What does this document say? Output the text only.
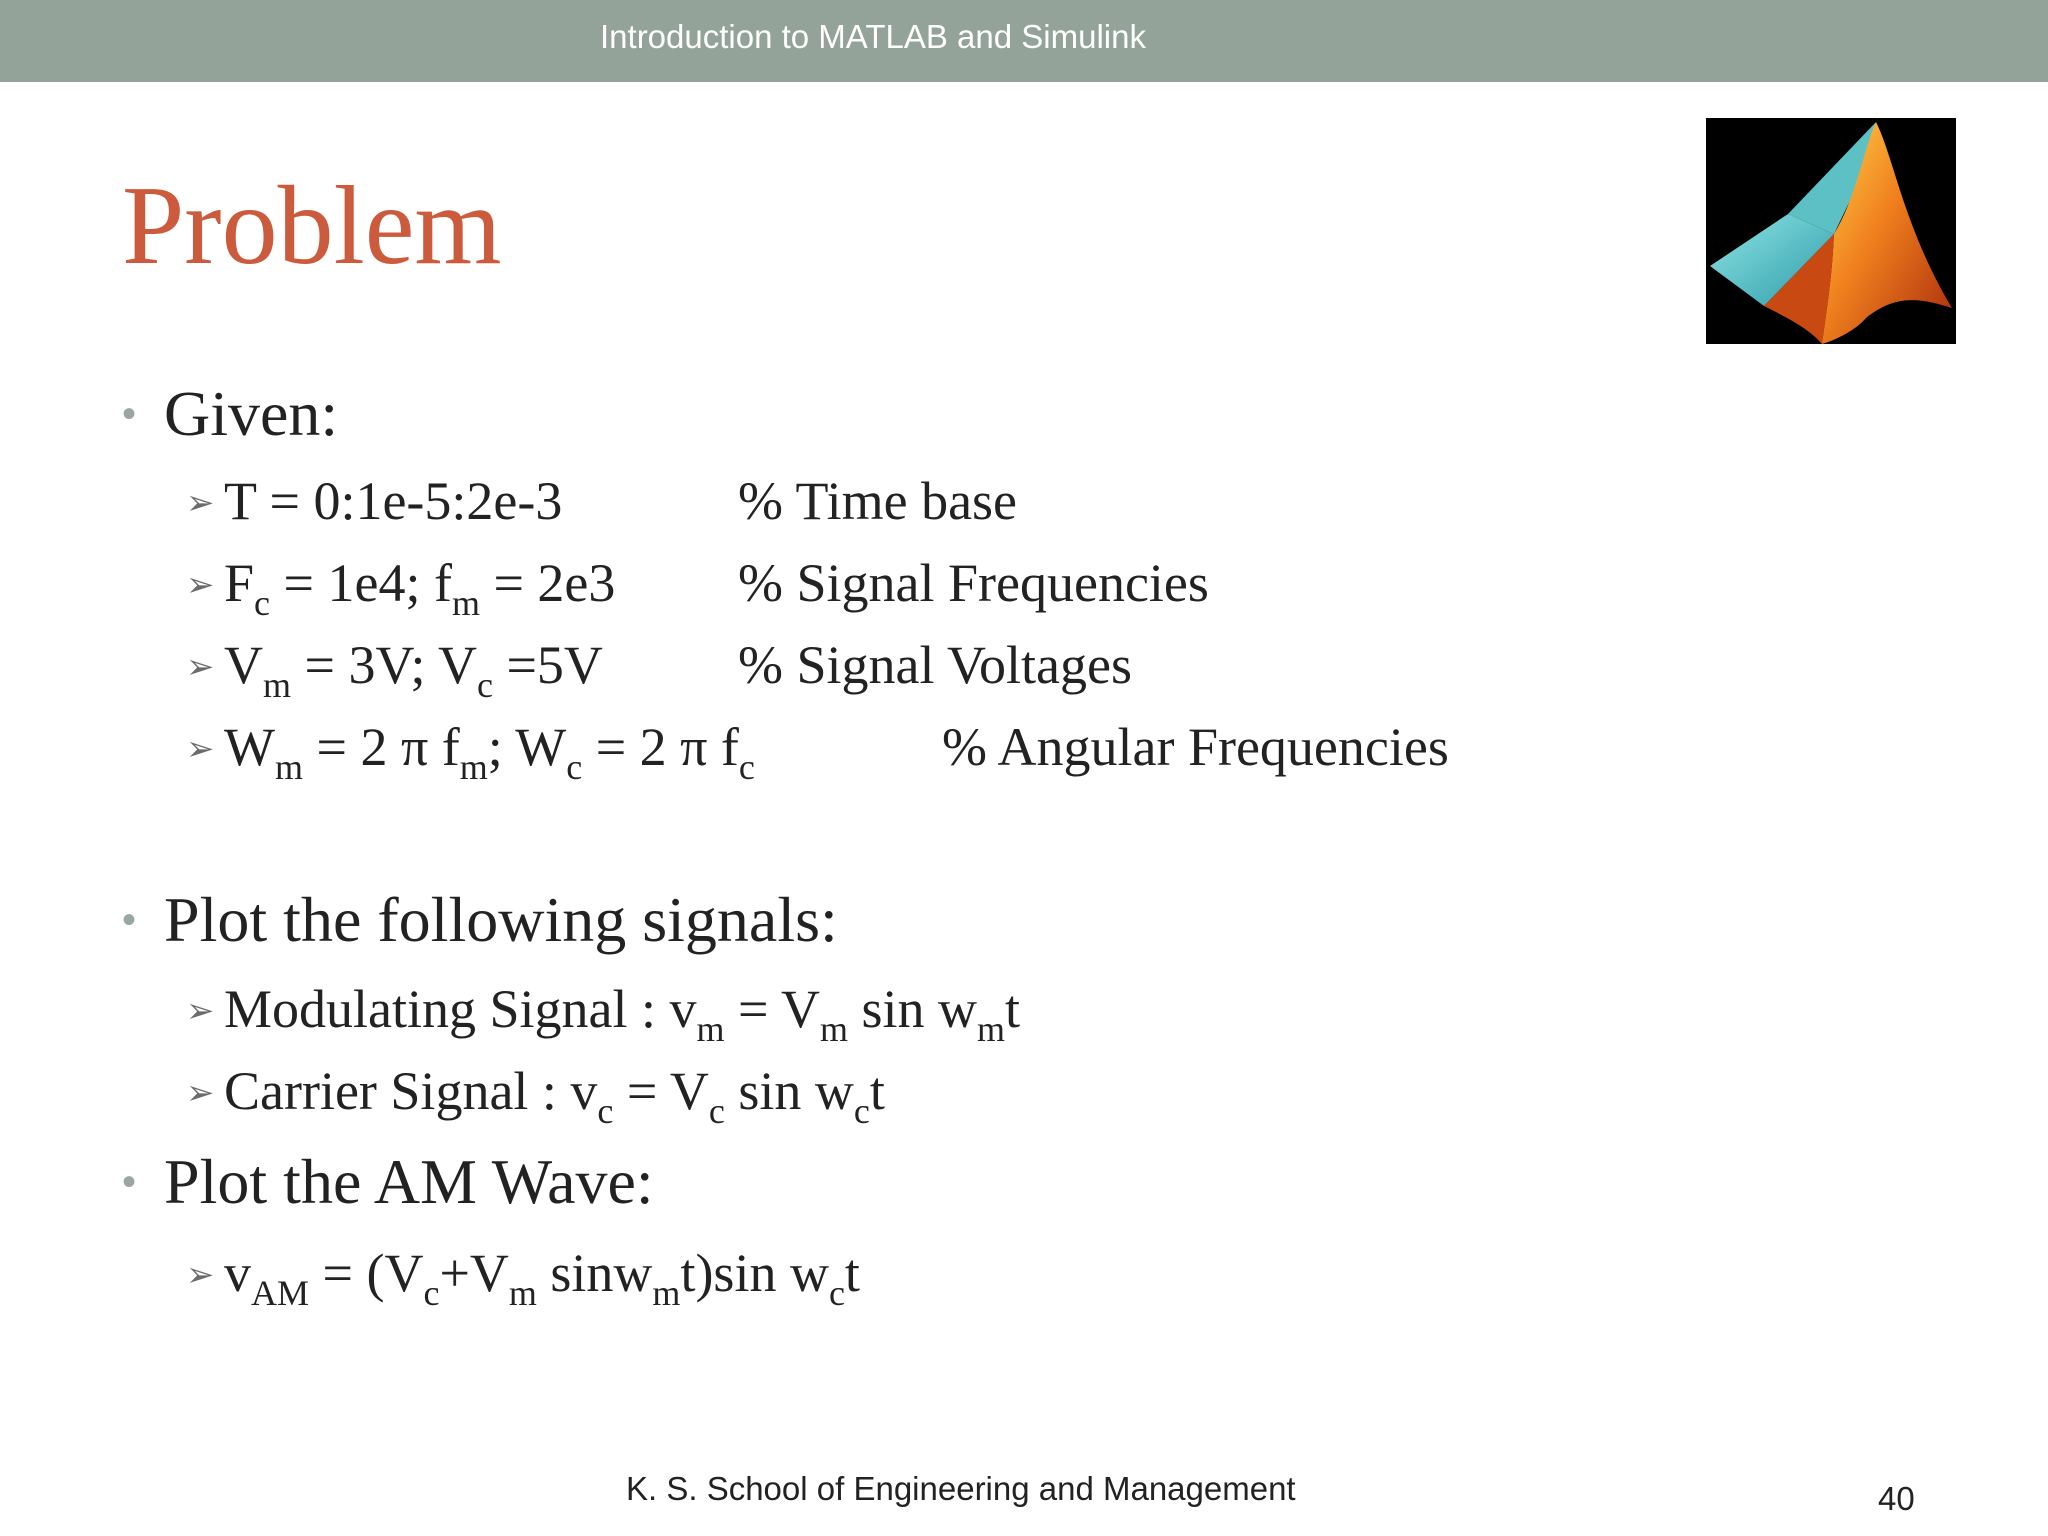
Introduction to MATLAB and Simulink
Problem
• Given:
➢ T = 0:1e-5:2e-3	% Time base
➢ $F_c = 1e4$; $f_m = 2e3$ % Signal Frequencies
➢ $V_m = 3V$; $V_c =5V$	% Signal Voltages
➢ $W_m = 2$ π $f_m$; $W_c = 2$ π $f_c$	% Angular Frequencies
• Plot the following signals:
➢ Modulating Signal : $v_m = V_m$ $\sin w_mt$
➢ Carrier Signal : $v_c = V_c$ $\sin w_ct$
• Plot the AM Wave:
➢ $v_{AM} = (V_c+V_m$ sinw$_m$t)sin $w_ct$
K. S. School of Engineering and Management	40
